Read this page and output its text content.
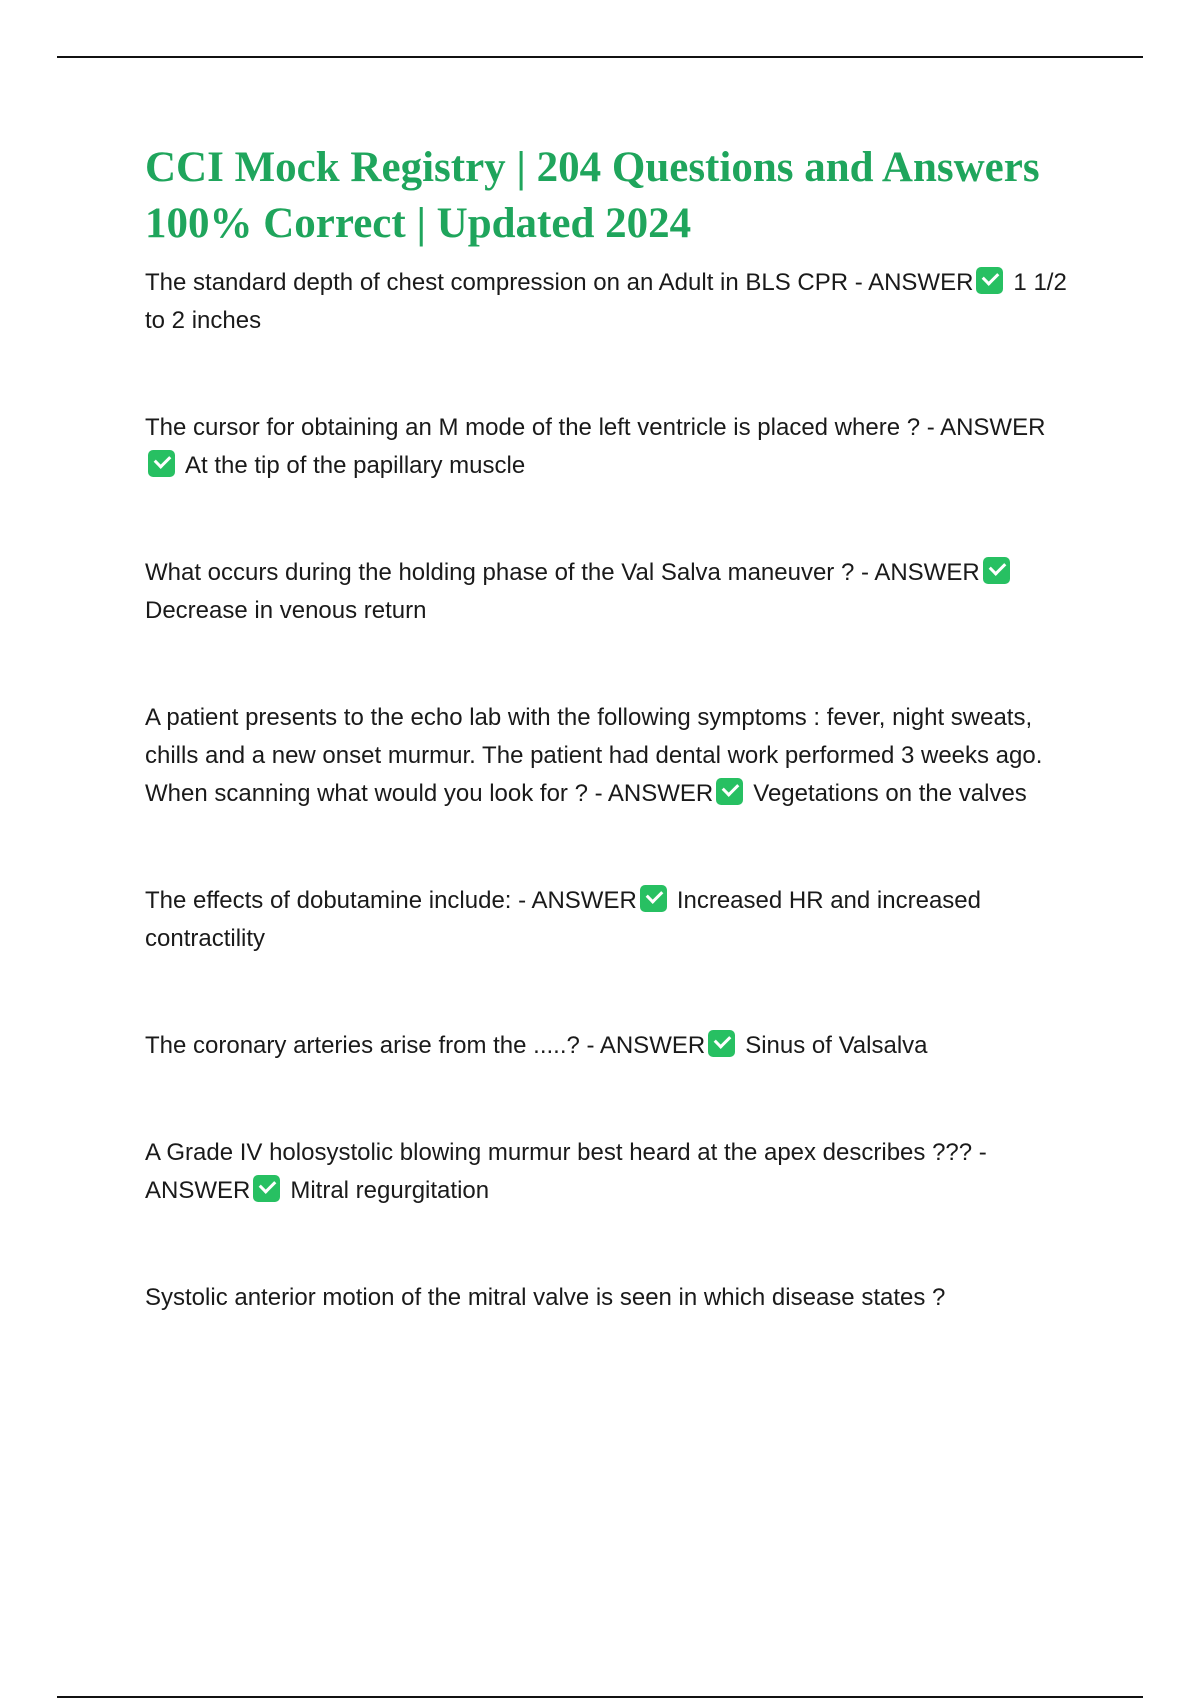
CCI Mock Registry | 204 Questions and Answers 100% Correct | Updated 2024

The standard depth of chest compression on an Adult in BLS CPR - ANSWER 1 1/2 to 2 inches

The cursor for obtaining an M mode of the left ventricle is placed where ? - ANSWERAt the tip of the papillary muscle

What occurs during the holding phase of the Val Salva maneuver ? - ANSWERDecrease in venous return

A patient presents to the echo lab with the following symptoms : fever, night sweats, chills and a new onset murmur. The patient had dental work performed 3 weeks ago. When scanning what would you look for ? - ANSWER Vegetations on the valves

The effects of dobutamine include: - ANSWER Increased HR and increased contractility

The coronary arteries arise from the .....? - ANSWER Sinus of Valsalva

A Grade IV holosystolic blowing murmur best heard at the apex describes ??? - ANSWER Mitral regurgitation

Systolic anterior motion of the mitral valve is seen in which disease states ?
